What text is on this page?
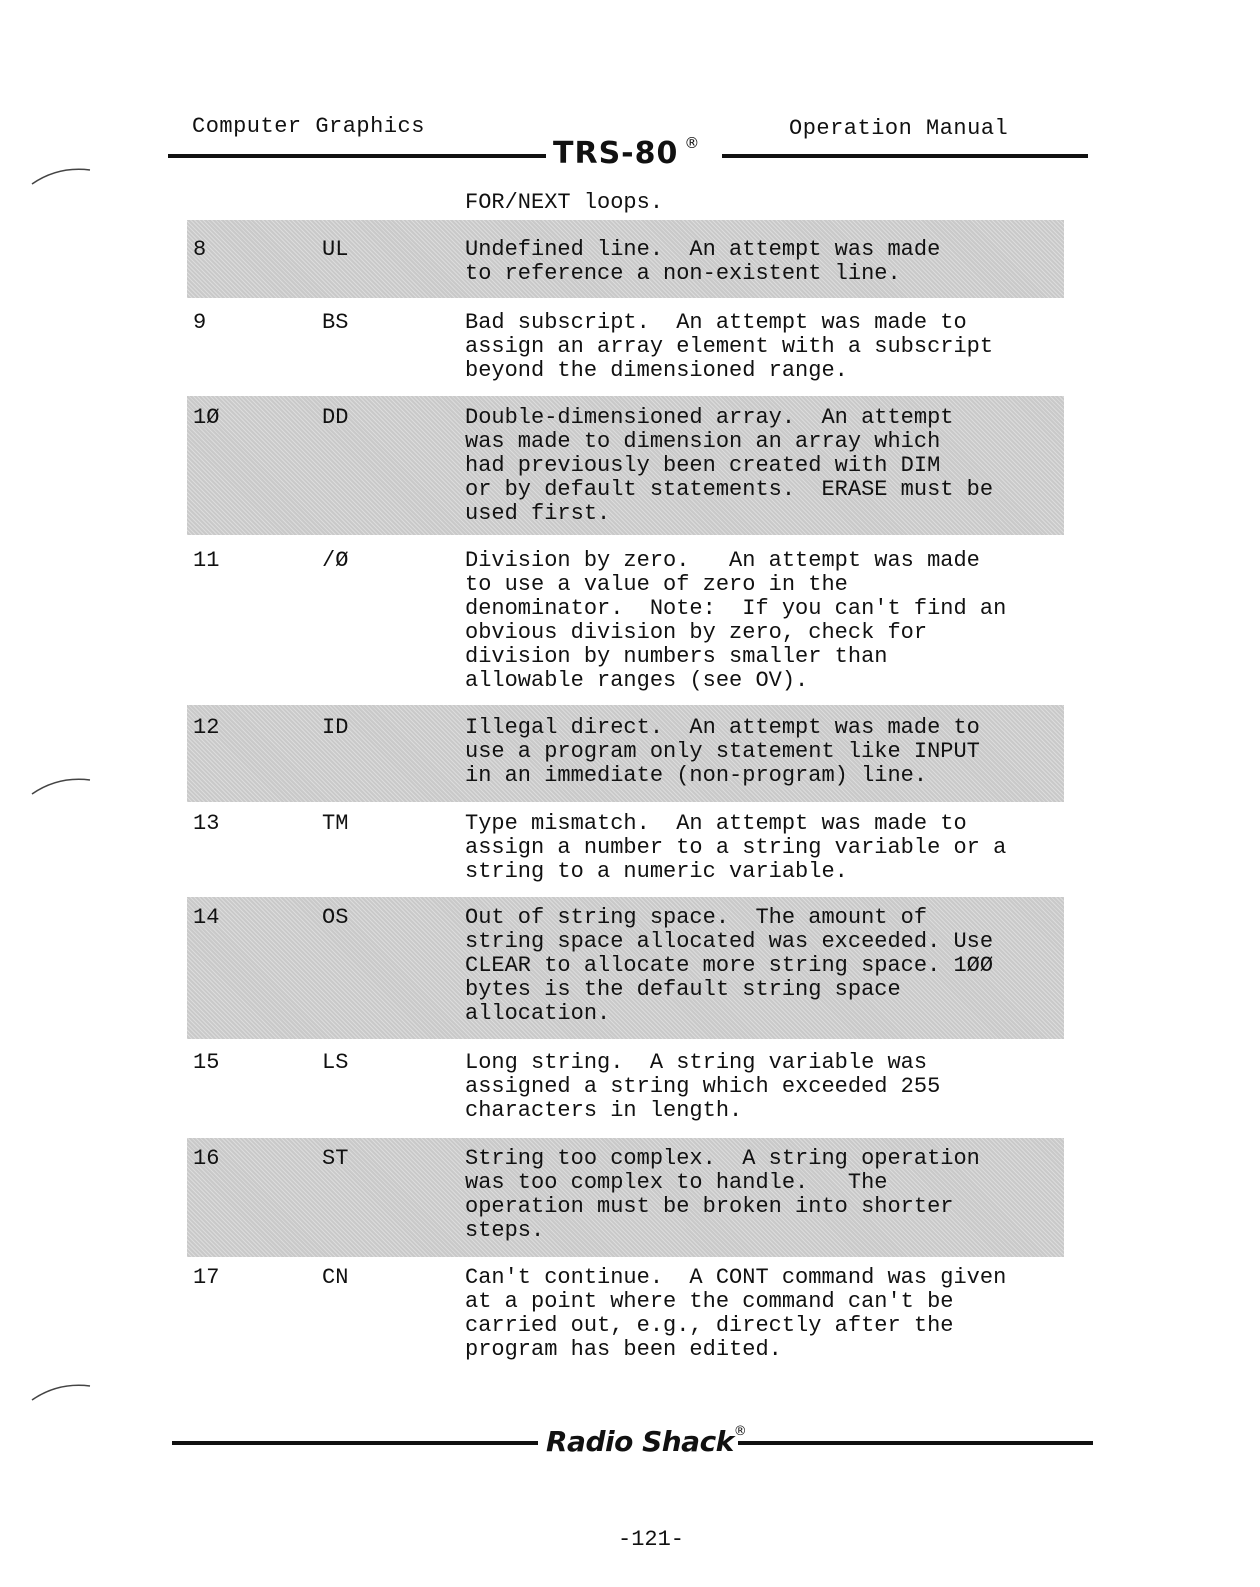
Computer Graphics	Operation Manual
TRS-80 ®
FOR/NEXT loops.
8	UL	Undefined line.  An attempt was made
to reference a non-existent line.
9	BS	Bad subscript.  An attempt was made to
assign an array element with a subscript
beyond the dimensioned range.
1Ø	DD	Double-dimensioned array.  An attempt
was made to dimension an array which
had previously been created with DIM
or by default statements.  ERASE must be
used first.
11	/Ø	Division by zero.   An attempt was made
to use a value of zero in the
denominator.  Note:  If you can't find an
obvious division by zero, check for
division by numbers smaller than
allowable ranges (see OV).
12	ID	Illegal direct.  An attempt was made to
use a program only statement like INPUT
in an immediate (non-program) line.
13	TM	Type mismatch.  An attempt was made to
assign a number to a string variable or a
string to a numeric variable.
14	OS	Out of string space.  The amount of
string space allocated was exceeded. Use
CLEAR to allocate more string space. 1ØØ
bytes is the default string space
allocation.
15	LS	Long string.  A string variable was
assigned a string which exceeded 255
characters in length.
16	ST	String too complex.  A string operation
was too complex to handle.   The
operation must be broken into shorter
steps.
17	CN	Can't continue.  A CONT command was given
at a point where the command can't be
carried out, e.g., directly after the
program has been edited.
Radio Shack®
-121-
